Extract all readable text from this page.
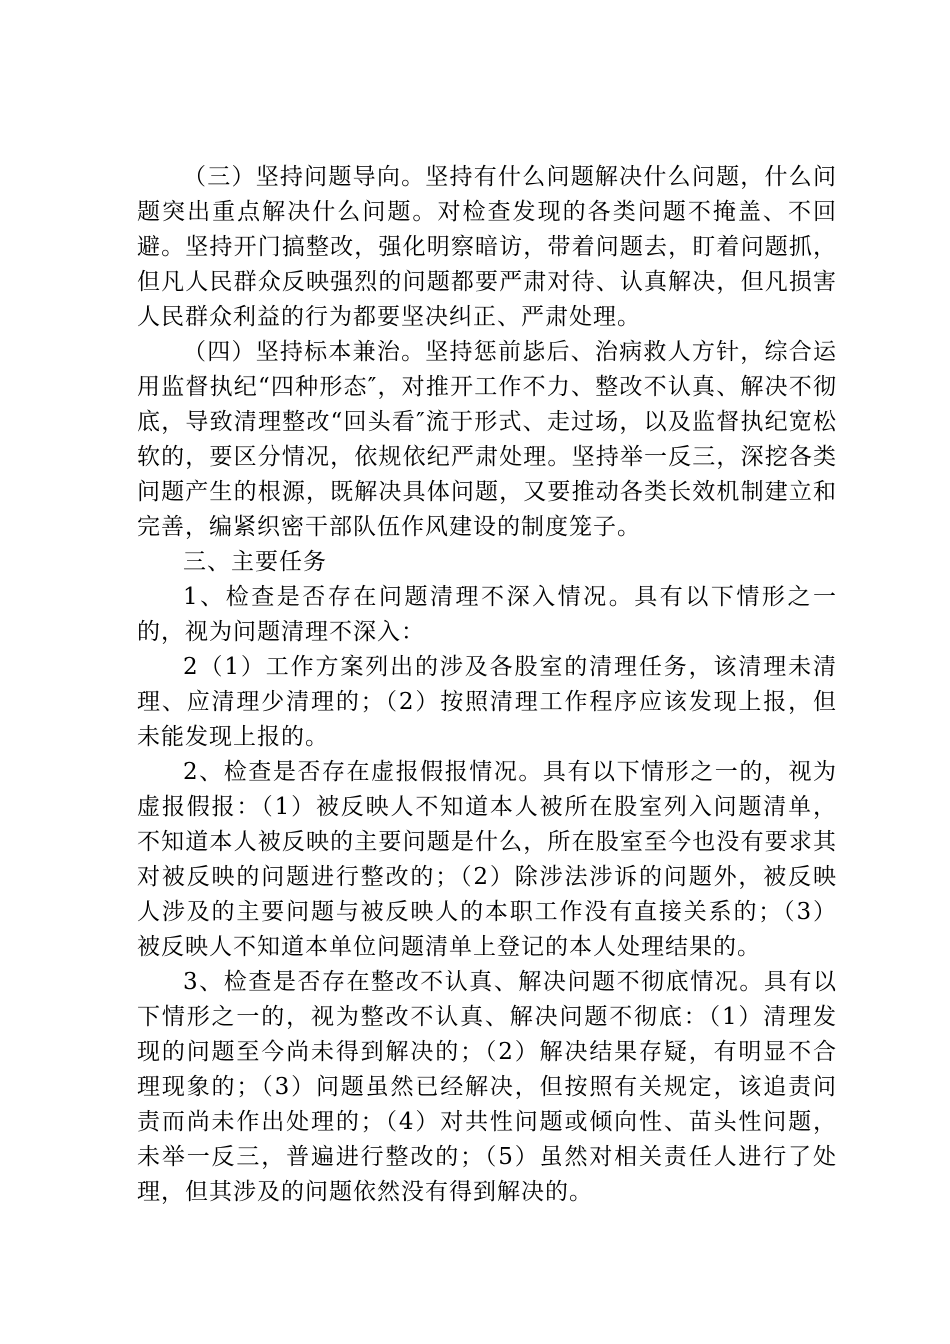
（三）坚持问题导向。坚持有什么问题解决什么问题，什么问题突出重点解决什么问题。对检查发现的各类问题不掩盖、不回避。坚持开门搞整改，强化明察暗访，带着问题去，盯着问题抓，但凡人民群众反映强烈的问题都要严肃对待、认真解决，但凡损害人民群众利益的行为都要坚决纠正、严肃处理。

（四）坚持标本兼治。坚持惩前毖后、治病救人方针，综合运用监督执纪“四种形态″，对推开工作不力、整改不认真、解决不彻底，导致清理整改“回头看″流于形式、走过场，以及监督执纪宽松软的，要区分情况，依规依纪严肃处理。坚持举一反三，深挖各类问题产生的根源，既解决具体问题，又要推动各类长效机制建立和完善，编紧织密干部队伍作风建设的制度笼子。

三、主要任务

1、检查是否存在问题清理不深入情况。具有以下情形之一的，视为问题清理不深入：

2（1）工作方案列出的涉及各股室的清理任务，该清理未清理、应清理少清理的；（2）按照清理工作程序应该发现上报，但未能发现上报的。

2、检查是否存在虚报假报情况。具有以下情形之一的，视为虚报假报：（1）被反映人不知道本人被所在股室列入问题清单，不知道本人被反映的主要问题是什么，所在股室至今也没有要求其对被反映的问题进行整改的；（2）除涉法涉诉的问题外，被反映人涉及的主要问题与被反映人的本职工作没有直接关系的；（3）被反映人不知道本单位问题清单上登记的本人处理结果的。

3、检查是否存在整改不认真、解决问题不彻底情况。具有以下情形之一的，视为整改不认真、解决问题不彻底：（1）清理发现的问题至今尚未得到解决的；（2）解决结果存疑，有明显不合理现象的；（3）问题虽然已经解决，但按照有关规定，该追责问责而尚未作出处理的；（4）对共性问题或倾向性、苗头性问题，未举一反三，普遍进行整改的；（5）虽然对相关责任人进行了处理，但其涉及的问题依然没有得到解决的。
